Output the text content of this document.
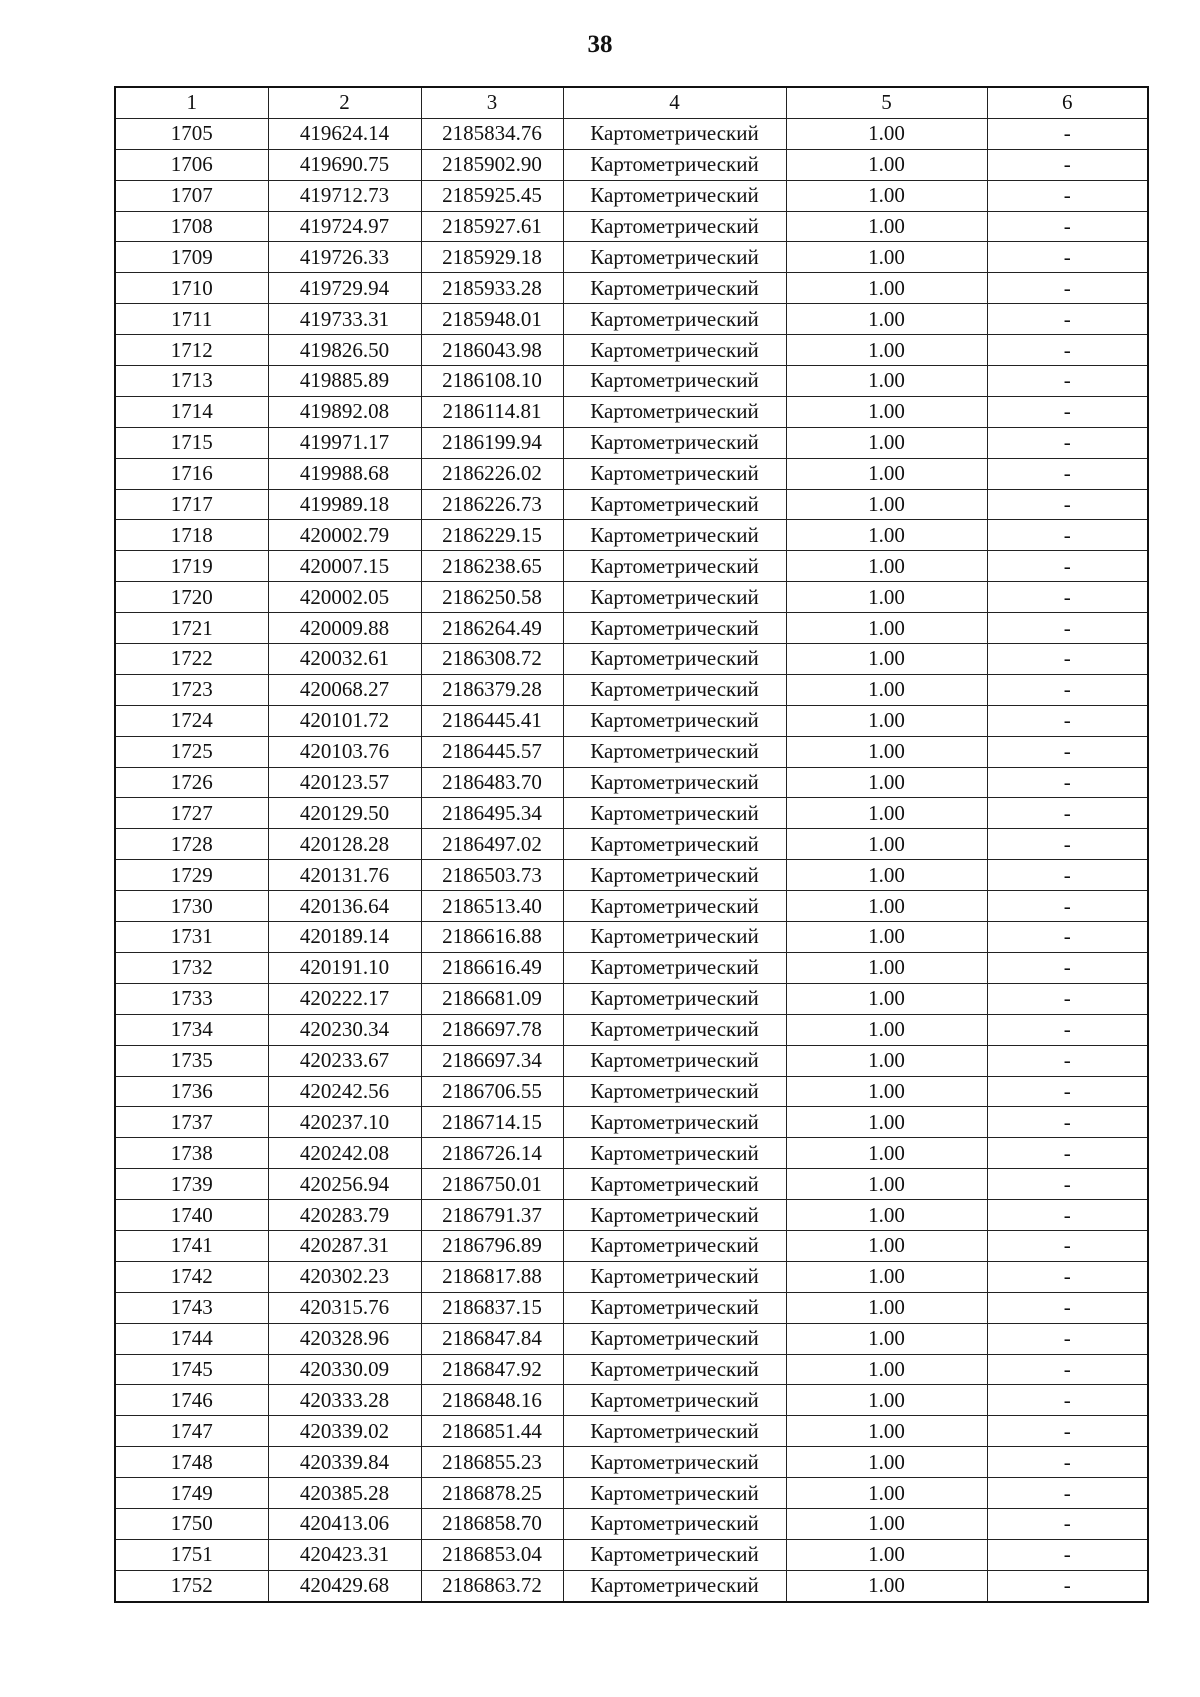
38
1	2	3	4	5	6
1705	419624.14	2185834.76	Картометрический	1.00	-
1706	419690.75	2185902.90	Картометрический	1.00	-
1707	419712.73	2185925.45	Картометрический	1.00	-
1708	419724.97	2185927.61	Картометрический	1.00	-
1709	419726.33	2185929.18	Картометрический	1.00	-
1710	419729.94	2185933.28	Картометрический	1.00	-
1711	419733.31	2185948.01	Картометрический	1.00	-
1712	419826.50	2186043.98	Картометрический	1.00	-
1713	419885.89	2186108.10	Картометрический	1.00	-
1714	419892.08	2186114.81	Картометрический	1.00	-
1715	419971.17	2186199.94	Картометрический	1.00	-
1716	419988.68	2186226.02	Картометрический	1.00	-
1717	419989.18	2186226.73	Картометрический	1.00	-
1718	420002.79	2186229.15	Картометрический	1.00	-
1719	420007.15	2186238.65	Картометрический	1.00	-
1720	420002.05	2186250.58	Картометрический	1.00	-
1721	420009.88	2186264.49	Картометрический	1.00	-
1722	420032.61	2186308.72	Картометрический	1.00	-
1723	420068.27	2186379.28	Картометрический	1.00	-
1724	420101.72	2186445.41	Картометрический	1.00	-
1725	420103.76	2186445.57	Картометрический	1.00	-
1726	420123.57	2186483.70	Картометрический	1.00	-
1727	420129.50	2186495.34	Картометрический	1.00	-
1728	420128.28	2186497.02	Картометрический	1.00	-
1729	420131.76	2186503.73	Картометрический	1.00	-
1730	420136.64	2186513.40	Картометрический	1.00	-
1731	420189.14	2186616.88	Картометрический	1.00	-
1732	420191.10	2186616.49	Картометрический	1.00	-
1733	420222.17	2186681.09	Картометрический	1.00	-
1734	420230.34	2186697.78	Картометрический	1.00	-
1735	420233.67	2186697.34	Картометрический	1.00	-
1736	420242.56	2186706.55	Картометрический	1.00	-
1737	420237.10	2186714.15	Картометрический	1.00	-
1738	420242.08	2186726.14	Картометрический	1.00	-
1739	420256.94	2186750.01	Картометрический	1.00	-
1740	420283.79	2186791.37	Картометрический	1.00	-
1741	420287.31	2186796.89	Картометрический	1.00	-
1742	420302.23	2186817.88	Картометрический	1.00	-
1743	420315.76	2186837.15	Картометрический	1.00	-
1744	420328.96	2186847.84	Картометрический	1.00	-
1745	420330.09	2186847.92	Картометрический	1.00	-
1746	420333.28	2186848.16	Картометрический	1.00	-
1747	420339.02	2186851.44	Картометрический	1.00	-
1748	420339.84	2186855.23	Картометрический	1.00	-
1749	420385.28	2186878.25	Картометрический	1.00	-
1750	420413.06	2186858.70	Картометрический	1.00	-
1751	420423.31	2186853.04	Картометрический	1.00	-
1752	420429.68	2186863.72	Картометрический	1.00	-
